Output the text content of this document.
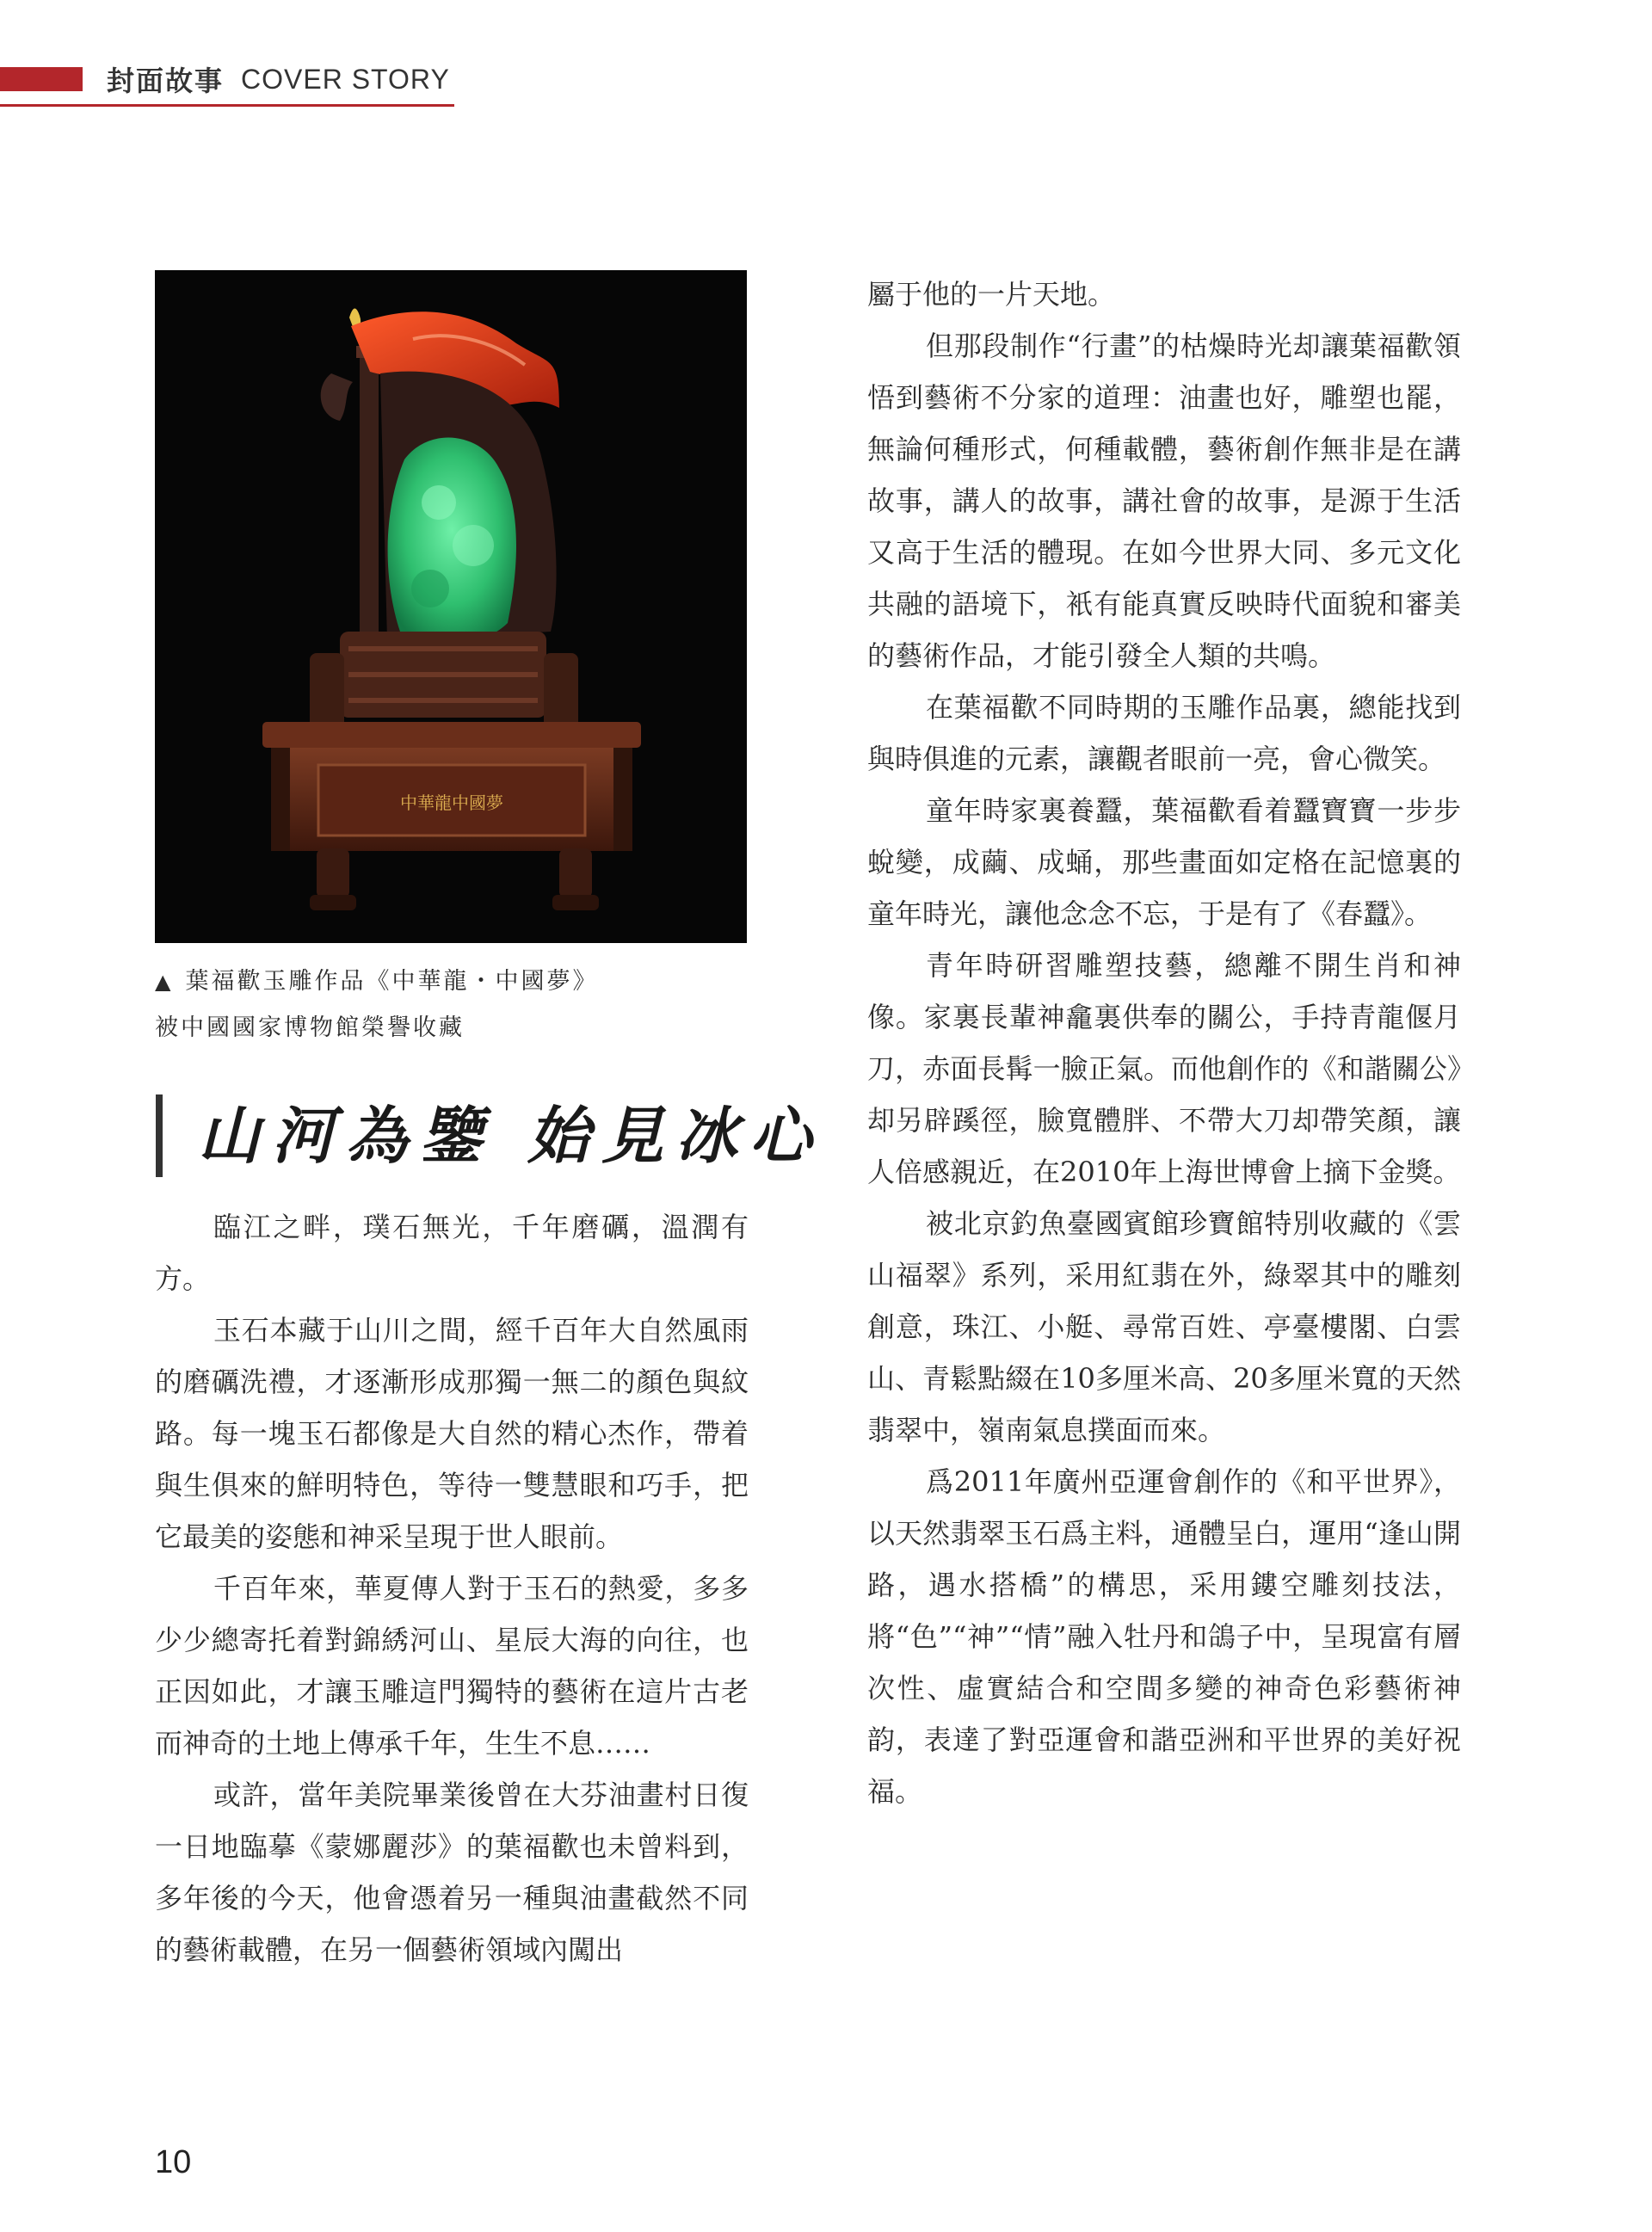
封面故事 COVER STORY
中華龍中國夢
▲ 葉福歡玉雕作品《中華龍・中國夢》
被中國國家博物館榮譽收藏
山河為鑒 始見冰心

臨江之畔，璞石無光，千年磨礪，溫潤有方。

玉石本藏于山川之間，經千百年大自然風雨的磨礪洗禮，才逐漸形成那獨一無二的顏色與紋路。每一塊玉石都像是大自然的精心杰作，帶着與生俱來的鮮明特色，等待一雙慧眼和巧手，把它最美的姿態和神采呈現于世人眼前。

千百年來，華夏傳人對于玉石的熱愛，多多少少總寄托着對錦綉河山、星辰大海的向往，也正因如此，才讓玉雕這門獨特的藝術在這片古老而神奇的土地上傳承千年，生生不息……

或許，當年美院畢業後曾在大芬油畫村日復一日地臨摹《蒙娜麗莎》的葉福歡也未曾料到，多年後的今天，他會憑着另一種與油畫截然不同的藝術載體，在另一個藝術領域內闖出

屬于他的一片天地。

但那段制作“行畫”的枯燥時光却讓葉福歡領悟到藝術不分家的道理：油畫也好，雕塑也罷，無論何種形式，何種載體，藝術創作無非是在講故事，講人的故事，講社會的故事，是源于生活又高于生活的體現。在如今世界大同、多元文化共融的語境下，衹有能真實反映時代面貌和審美的藝術作品，才能引發全人類的共鳴。

在葉福歡不同時期的玉雕作品裏，總能找到與時俱進的元素，讓觀者眼前一亮，會心微笑。

童年時家裏養蠶，葉福歡看着蠶寶寶一步步蛻變，成繭、成蛹，那些畫面如定格在記憶裏的童年時光，讓他念念不忘，于是有了《春蠶》。

青年時研習雕塑技藝，總離不開生肖和神像。家裏長輩神龕裏供奉的關公，手持青龍偃月刀，赤面長髯一臉正氣。而他創作的《和諧關公》却另辟蹊徑，臉寬體胖、不帶大刀却帶笑顏，讓人倍感親近，在2010年上海世博會上摘下金獎。

被北京釣魚臺國賓館珍寶館特別收藏的《雲山福翠》系列，采用紅翡在外，綠翠其中的雕刻創意，珠江、小艇、尋常百姓、亭臺樓閣、白雲山、青鬆點綴在10多厘米高、20多厘米寬的天然翡翠中，嶺南氣息撲面而來。

爲2011年廣州亞運會創作的《和平世界》，以天然翡翠玉石爲主料，通體呈白，運用“逢山開路，遇水搭橋”的構思，采用鏤空雕刻技法，將“色”“神”“情”融入牡丹和鴿子中，呈現富有層次性、虛實結合和空間多變的神奇色彩藝術神韵，表達了對亞運會和諧亞洲和平世界的美好祝福。

10
